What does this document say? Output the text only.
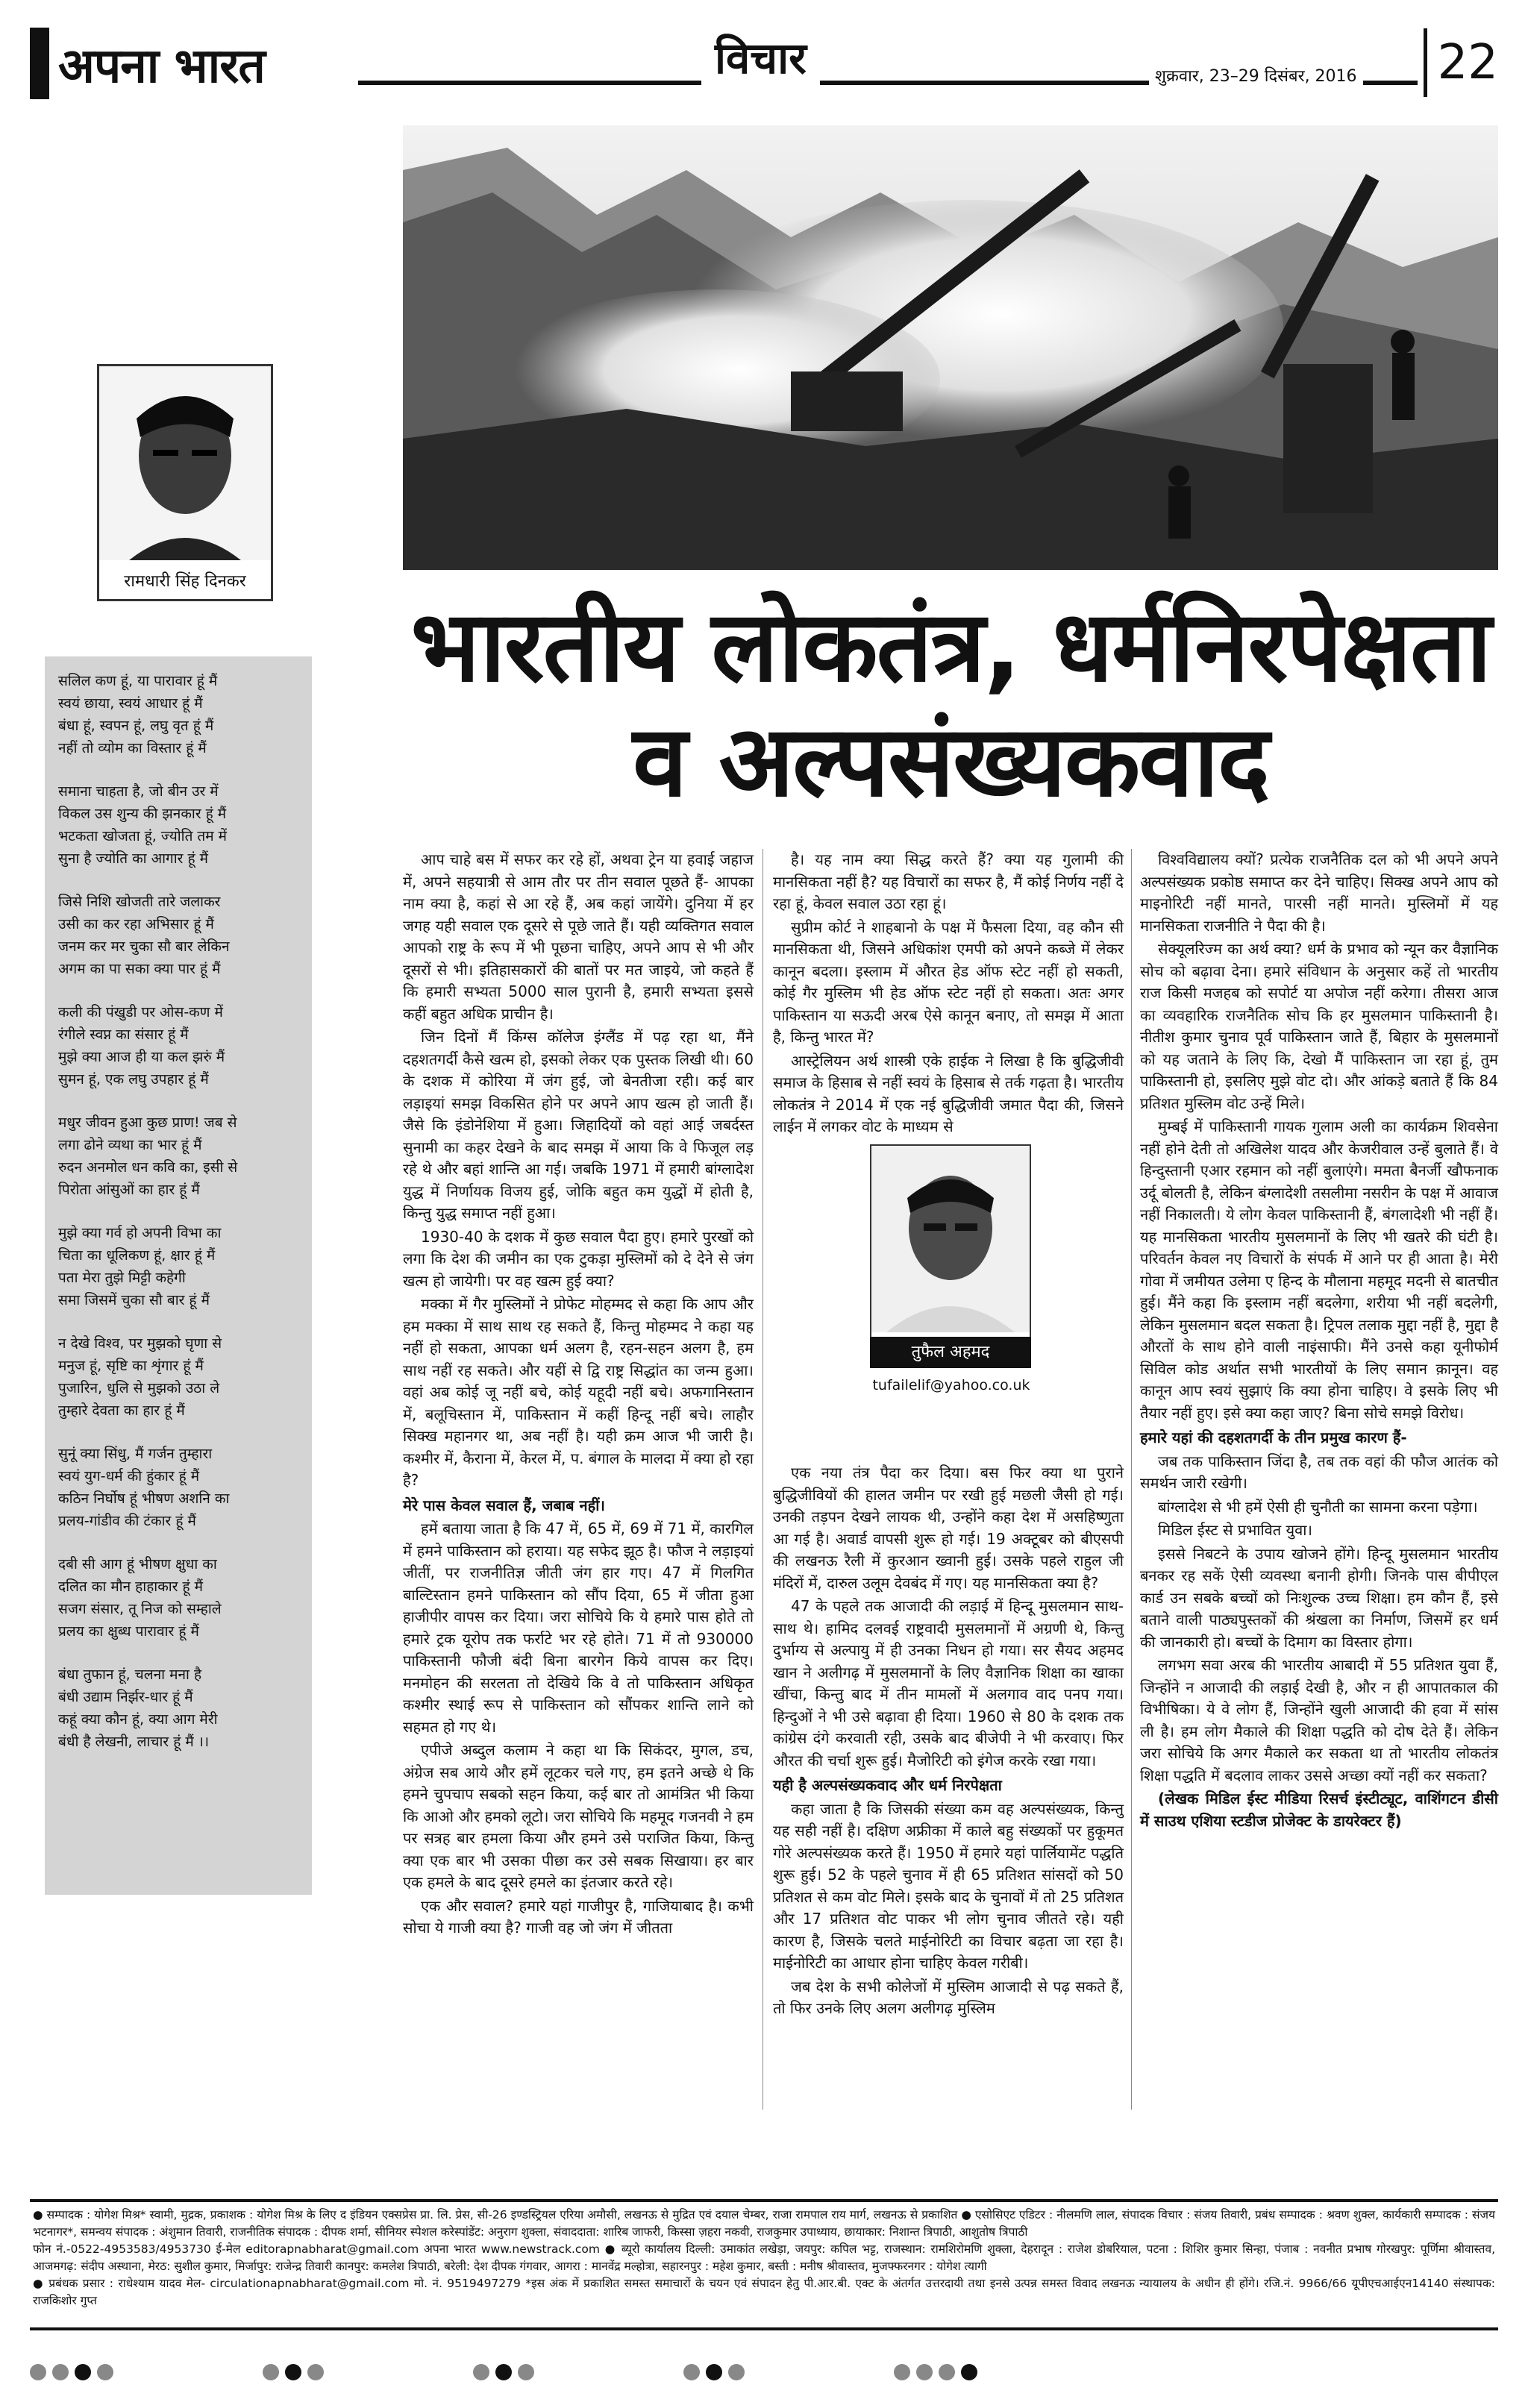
अपना भारत	विचार	शुक्रवार, 23–29 दिसंबर, 2016 22
रामधारी सिंह दिनकर
सलिल कण हूं, या पारावार हूं मैं
स्वयं छाया, स्वयं आधार हूं मैं
बंधा हूं, स्वपन हूं, लघु वृत हूं मैं
नहीं तो व्योम का विस्तार हूं मैं
समाना चाहता है, जो बीन उर में
विकल उस शुन्य की झनकार हूं मैं
भटकता खोजता हूं, ज्योति तम में
सुना है ज्योति का आगार हूं मैं
जिसे निशि खोजती तारे जलाकर
उसी का कर रहा अभिसार हूं मैं
जनम कर मर चुका सौ बार लेकिन
अगम का पा सका क्या पार हूं मैं
कली की पंखुडी पर ओस-कण में
रंगीले स्वप्न का संसार हूं मैं
मुझे क्या आज ही या कल झरुं मैं
सुमन हूं, एक लघु उपहार हूं मैं
मधुर जीवन हुआ कुछ प्राण! जब से
लगा ढोने व्यथा का भार हूं मैं
रुदन अनमोल धन कवि का, इसी से
पिरोता आंसुओं का हार हूं मैं
मुझे क्या गर्व हो अपनी विभा का
चिता का धूलिकण हूं, क्षार हूं मैं
पता मेरा तुझे मिट्टी कहेगी
समा जिसमें चुका सौ बार हूं मैं
न देखे विश्व, पर मुझको घृणा से
मनुज हूं, सृष्टि का शृंगार हूं मैं
पुजारिन, धुलि से मुझको उठा ले
तुम्हारे देवता का हार हूं मैं
सुनूं क्या सिंधु, मैं गर्जन तुम्हारा
स्वयं युग-धर्म की हुंकार हूं मैं
कठिन निर्घोष हूं भीषण अशनि का
प्रलय-गांडीव की टंकार हूं मैं
दबी सी आग हूं भीषण क्षुधा का
दलित का मौन हाहाकार हूं मैं
सजग संसार, तू निज को सम्हाले
प्रलय का क्षुब्ध पारावार हूं मैं
बंधा तुफान हूं, चलना मना है
बंधी उद्याम निर्झर-धार हूं मैं
कहूं क्या कौन हूं, क्या आग मेरी
बंधी है लेखनी, लाचार हूं मैं ।।
भारतीय लोकतंत्र, धर्मनिरपेक्षता
व अल्पसंख्यकवाद

आप चाहे बस में सफर कर रहे हों, अथवा ट्रेन या हवाई जहाज में, अपने सहयात्री से आम तौर पर तीन सवाल पूछते हैं- आपका नाम क्या है, कहां से आ रहे हैं, अब कहां जायेंगे। दुनिया में हर जगह यही सवाल एक दूसरे से पूछे जाते हैं। यही व्यक्तिगत सवाल आपको राष्ट्र के रूप में भी पूछना चाहिए, अपने आप से भी और दूसरों से भी। इतिहासकारों की बातों पर मत जाइये, जो कहते हैं कि हमारी सभ्यता 5000 साल पुरानी है, हमारी सभ्यता इससे कहीं बहुत अधिक प्राचीन है।

जिन दिनों मैं किंग्स कॉलेज इंग्लैंड में पढ़ रहा था, मैंने दहशतगर्दी कैसे खत्म हो, इसको लेकर एक पुस्तक लिखी थी। 60 के दशक में कोरिया में जंग हुई, जो बेनतीजा रही। कई बार लड़ाइयां समझ विकसित होने पर अपने आप खत्म हो जाती हैं। जैसे कि इंडोनेशिया में हुआ। जिहादियों को वहां आई जबर्दस्त सुनामी का कहर देखने के बाद समझ में आया कि वे फिजूल लड़ रहे थे और बहां शान्ति आ गई। जबकि 1971 में हमारी बांग्लादेश युद्ध में निर्णायक विजय हुई, जोकि बहुत कम युद्धों में होती है, किन्तु युद्ध समाप्त नहीं हुआ।

1930-40 के दशक में कुछ सवाल पैदा हुए। हमारे पुरखों को लगा कि देश की जमीन का एक टुकड़ा मुस्लिमों को दे देने से जंग खत्म हो जायेगी। पर वह खत्म हुई क्या?

मक्का में गैर मुस्लिमों ने प्रोफेट मोहम्मद से कहा कि आप और हम मक्का में साथ साथ रह सकते हैं, किन्तु मोहम्मद ने कहा यह नहीं हो सकता, आपका धर्म अलग है, रहन-सहन अलग है, हम साथ नहीं रह सकते। और यहीं से द्वि राष्ट्र सिद्धांत का जन्म हुआ। वहां अब कोई जू नहीं बचे, कोई यहूदी नहीं बचे। अफगानिस्तान में, बलूचिस्तान में, पाकिस्तान में कहीं हिन्दू नहीं बचे। लाहौर सिक्ख महानगर था, अब नहीं है। यही क्रम आज भी जारी है। कश्मीर में, कैराना में, केरल में, प. बंगाल के मालदा में क्या हो रहा है?

मेरे पास केवल सवाल हैं, जबाब नहीं।

हमें बताया जाता है कि 47 में, 65 में, 69 में 71 में, कारगिल में हमने पाकिस्तान को हराया। यह सफेद झूठ है। फौज ने लड़ाइयां जीतीं, पर राजनीतिज्ञ जीती जंग हार गए। 47 में गिलगित बाल्टिस्तान हमने पाकिस्तान को सौंप दिया, 65 में जीता हुआ हाजीपीर वापस कर दिया। जरा सोचिये कि ये हमारे पास होते तो हमारे ट्रक यूरोप तक फर्राटे भर रहे होते। 71 में तो 930000 पाकिस्तानी फौजी बंदी बिना बारगेन किये वापस कर दिए। मनमोहन की सरलता तो देखिये कि वे तो पाकिस्तान अधिकृत कश्मीर स्थाई रूप से पाकिस्तान को सौंपकर शान्ति लाने को सहमत हो गए थे।

एपीजे अब्दुल कलाम ने कहा था कि सिकंदर, मुगल, डच, अंग्रेज सब आये और हमें लूटकर चले गए, हम इतने अच्छे थे कि हमने चुपचाप सबको सहन किया, कई बार तो आमंत्रित भी किया कि आओ और हमको लूटो। जरा सोचिये कि महमूद गजनवी ने हम पर सत्रह बार हमला किया और हमने उसे पराजित किया, किन्तु क्या एक बार भी उसका पीछा कर उसे सबक सिखाया। हर बार एक हमले के बाद दूसरे हमले का इंतजार करते रहे।

एक और सवाल? हमारे यहां गाजीपुर है, गाजियाबाद है। कभी सोचा ये गाजी क्या है? गाजी वह जो जंग में जीतता

है। यह नाम क्या सिद्ध करते हैं? क्या यह गुलामी की मानसिकता नहीं है? यह विचारों का सफर है, मैं कोई निर्णय नहीं दे रहा हूं, केवल सवाल उठा रहा हूं।

सुप्रीम कोर्ट ने शाहबानो के पक्ष में फैसला दिया, वह कौन सी मानसिकता थी, जिसने अधिकांश एमपी को अपने कब्जे में लेकर कानून बदला। इस्लाम में औरत हेड ऑफ स्टेट नहीं हो सकती, कोई गैर मुस्लिम भी हेड ऑफ स्टेट नहीं हो सकता। अतः अगर पाकिस्तान या सऊदी अरब ऐसे कानून बनाए, तो समझ में आता है, किन्तु भारत में?

आस्ट्रेलियन अर्थ शास्त्री एके हाईक ने लिखा है कि बुद्धिजीवी समाज के हिसाब से नहीं स्वयं के हिसाब से तर्क गढ़ता है। भारतीय लोकतंत्र ने 2014 में एक नई बुद्धिजीवी जमात पैदा की, जिसने लाईन में लगकर वोट के माध्यम से

तुफैल अहमद
tufailelif@yahoo.co.uk

एक नया तंत्र पैदा कर दिया। बस फिर क्या था पुराने बुद्धिजीवियों की हालत जमीन पर रखी हुई मछली जैसी हो गई। उनकी तड़पन देखने लायक थी, उन्होंने कहा देश में असहिष्णुता आ गई है। अवार्ड वापसी शुरू हो गई। 19 अक्टूबर को बीएसपी की लखनऊ रैली में कुरआन ख्वानी हुई। उसके पहले राहुल जी मंदिरों में, दारुल उलूम देवबंद में गए। यह मानसिकता क्या है?

47 के पहले तक आजादी की लड़ाई में हिन्दू मुसलमान साथ-साथ थे। हामिद दलवई राष्ट्रवादी मुसलमानों में अग्रणी थे, किन्तु दुर्भाग्य से अल्पायु में ही उनका निधन हो गया। सर सैयद अहमद खान ने अलीगढ़ में मुसलमानों के लिए वैज्ञानिक शिक्षा का खाका खींचा, किन्तु बाद में तीन मामलों में अलगाव वाद पनप गया। हिन्दुओं ने भी उसे बढ़ावा ही दिया। 1960 से 80 के दशक तक कांग्रेस दंगे करवाती रही, उसके बाद बीजेपी ने भी करवाए। फिर औरत की चर्चा शुरू हुई। मैजोरिटी को इंगेज करके रखा गया।

यही है अल्पसंख्यकवाद और धर्म निरपेक्षता

कहा जाता है कि जिसकी संख्या कम वह अल्पसंख्यक, किन्तु यह सही नहीं है। दक्षिण अफ्रीका में काले बहु संख्यकों पर हुकूमत गोरे अल्पसंख्यक करते हैं। 1950 में हमारे यहां पार्लियामेंट पद्धति शुरू हुई। 52 के पहले चुनाव में ही 65 प्रतिशत सांसदों को 50 प्रतिशत से कम वोट मिले। इसके बाद के चुनावों में तो 25 प्रतिशत और 17 प्रतिशत वोट पाकर भी लोग चुनाव जीतते रहे। यही कारण है, जिसके चलते माईनोरिटी का विचार बढ़ता जा रहा है। माईनोरिटी का आधार होना चाहिए केवल गरीबी।

जब देश के सभी कोलेजों में मुस्लिम आजादी से पढ़ सकते हैं, तो फिर उनके लिए अलग अलीगढ़ मुस्लिम

विश्वविद्यालय क्यों? प्रत्येक राजनैतिक दल को भी अपने अपने अल्पसंख्यक प्रकोष्ठ समाप्त कर देने चाहिए। सिक्ख अपने आप को माइनोरिटी नहीं मानते, पारसी नहीं मानते। मुस्लिमों में यह मानसिकता राजनीति ने पैदा की है।

सेक्यूलरिज्म का अर्थ क्या? धर्म के प्रभाव को न्यून कर वैज्ञानिक सोच को बढ़ावा देना। हमारे संविधान के अनुसार कहें तो भारतीय राज किसी मजहब को सपोर्ट या अपोज नहीं करेगा। तीसरा आज का व्यवहारिक राजनैतिक सोच कि हर मुसलमान पाकिस्तानी है। नीतीश कुमार चुनाव पूर्व पाकिस्तान जाते हैं, बिहार के मुसलमानों को यह जताने के लिए कि, देखो मैं पाकिस्तान जा रहा हूं, तुम पाकिस्तानी हो, इसलिए मुझे वोट दो। और आंकड़े बताते हैं कि 84 प्रतिशत मुस्लिम वोट उन्हें मिले।

मुम्बई में पाकिस्तानी गायक गुलाम अली का कार्यक्रम शिवसेना नहीं होने देती तो अखिलेश यादव और केजरीवाल उन्हें बुलाते हैं। वे हिन्दुस्तानी एआर रहमान को नहीं बुलाएंगे। ममता बैनर्जी खौफनाक उर्दू बोलती है, लेकिन बंग्लादेशी तसलीमा नसरीन के पक्ष में आवाज नहीं निकालती। ये लोग केवल पाकिस्तानी हैं, बंगलादेशी भी नहीं हैं। यह मानसिकता भारतीय मुसलमानों के लिए भी खतरे की घंटी है। परिवर्तन केवल नए विचारों के संपर्क में आने पर ही आता है। मेरी गोवा में जमीयत उलेमा ए हिन्द के मौलाना महमूद मदनी से बातचीत हुई। मैंने कहा कि इस्लाम नहीं बदलेगा, शरीया भी नहीं बदलेगी, लेकिन मुसलमान बदल सकता है। ट्रिपल तलाक मुद्दा नहीं है, मुद्दा है औरतों के साथ होने वाली नाइंसाफी। मैंने उनसे कहा यूनीफोर्म सिविल कोड अर्थात सभी भारतीयों के लिए समान क़ानून। वह कानून आप स्वयं सुझाएं कि क्या होना चाहिए। वे इसके लिए भी तैयार नहीं हुए। इसे क्या कहा जाए? बिना सोचे समझे विरोध।

हमारे यहां की दहशतगर्दी के तीन प्रमुख कारण हैं-

जब तक पाकिस्तान जिंदा है, तब तक वहां की फौज आतंक को समर्थन जारी रखेगी।

बांग्लादेश से भी हमें ऐसी ही चुनौती का सामना करना पड़ेगा।

मिडिल ईस्ट से प्रभावित युवा।

इससे निबटने के उपाय खोजने होंगे। हिन्दू मुसलमान भारतीय बनकर रह सकें ऐसी व्यवस्था बनानी होगी। जिनके पास बीपीएल कार्ड उन सबके बच्चों को निःशुल्क उच्च शिक्षा। हम कौन हैं, इसे बताने वाली पाठ्यपुस्तकों की श्रंखला का निर्माण, जिसमें हर धर्म की जानकारी हो। बच्चों के दिमाग का विस्तार होगा।

लगभग सवा अरब की भारतीय आबादी में 55 प्रतिशत युवा हैं, जिन्होंने न आजादी की लड़ाई देखी है, और न ही आपातकाल की विभीषिका। ये वे लोग हैं, जिन्होंने खुली आजादी की हवा में सांस ली है। हम लोग मैकाले की शिक्षा पद्धति को दोष देते हैं। लेकिन जरा सोचिये कि अगर मैकाले कर सकता था तो भारतीय लोकतंत्र शिक्षा पद्धति में बदलाव लाकर उससे अच्छा क्यों नहीं कर सकता?

(लेखक मिडिल ईस्ट मीडिया रिसर्च इंस्टीट्यूट, वाशिंगटन डीसी में साउथ एशिया स्टडीज प्रोजेक्ट के डायरेक्टर हैं)

● सम्पादक : योगेश मिश्र* स्वामी, मुद्रक, प्रकाशक : योगेश मिश्र के लिए द इंडियन एक्सप्रेस प्रा. लि. प्रेस, सी-26 इण्डस्ट्रियल एरिया अमौसी, लखनऊ से मुद्रित एवं दयाल चेम्बर, राजा रामपाल राय मार्ग, लखनऊ से प्रकाशित ● एसोसिएट एडिटर : नीलमणि लाल, संपादक विचार : संजय तिवारी, प्रबंध सम्पादक : श्रवण शुक्ल, कार्यकारी सम्पादक : संजय भटनागर*, समन्वय संपादक : अंशुमान तिवारी, राजनीतिक संपादक : दीपक शर्मा, सीनियर स्पेशल करेस्पांडेंट: अनुराग शुक्ला, संवाददाता: शारिब जाफरी, किस्सा ज़हरा नकवी, राजकुमार उपाध्याय, छायाकार: निशान्त त्रिपाठी, आशुतोष त्रिपाठी
फोन नं.-0522-4953583/4953730 ई-मेल editorapnabharat@gmail.com अपना भारत www.newstrack.com ● ब्यूरो कार्यालय दिल्ली: उमाकांत लखेड़ा, जयपुर: कपिल भट्ट, राजस्थान: रामशिरोमणि शुक्ला, देहरादून : राजेश डोबरियाल, पटना : शिशिर कुमार सिन्हा, पंजाब : नवनीत प्रभाष गोरखपुर: पूर्णिमा श्रीवास्तव, आजमगढ़: संदीप अस्थाना, मेरठ: सुशील कुमार, मिर्जापुर: राजेन्द्र तिवारी कानपुर: कमलेश त्रिपाठी, बरेली: देश दीपक गंगवार, आगरा : मानवेंद्र मल्होत्रा, सहारनपुर : महेश कुमार, बस्ती : मनीष श्रीवास्तव, मुजफ्फरनगर : योगेश त्यागी
● प्रबंधक प्रसार : राधेश्याम यादव मेल- circulationapnabharat@gmail.com मो. नं. 9519497279 *इस अंक में प्रकाशित समस्त समाचारों के चयन एवं संपादन हेतु पी.आर.बी. एक्ट के अंतर्गत उत्तरदायी तथा इनसे उत्पन्न समस्त विवाद लखनऊ न्यायालय के अधीन ही होंगे। रजि.नं. 9966/66 यूपीएचआईएन14140 संस्थापक: राजकिशोर गुप्त
